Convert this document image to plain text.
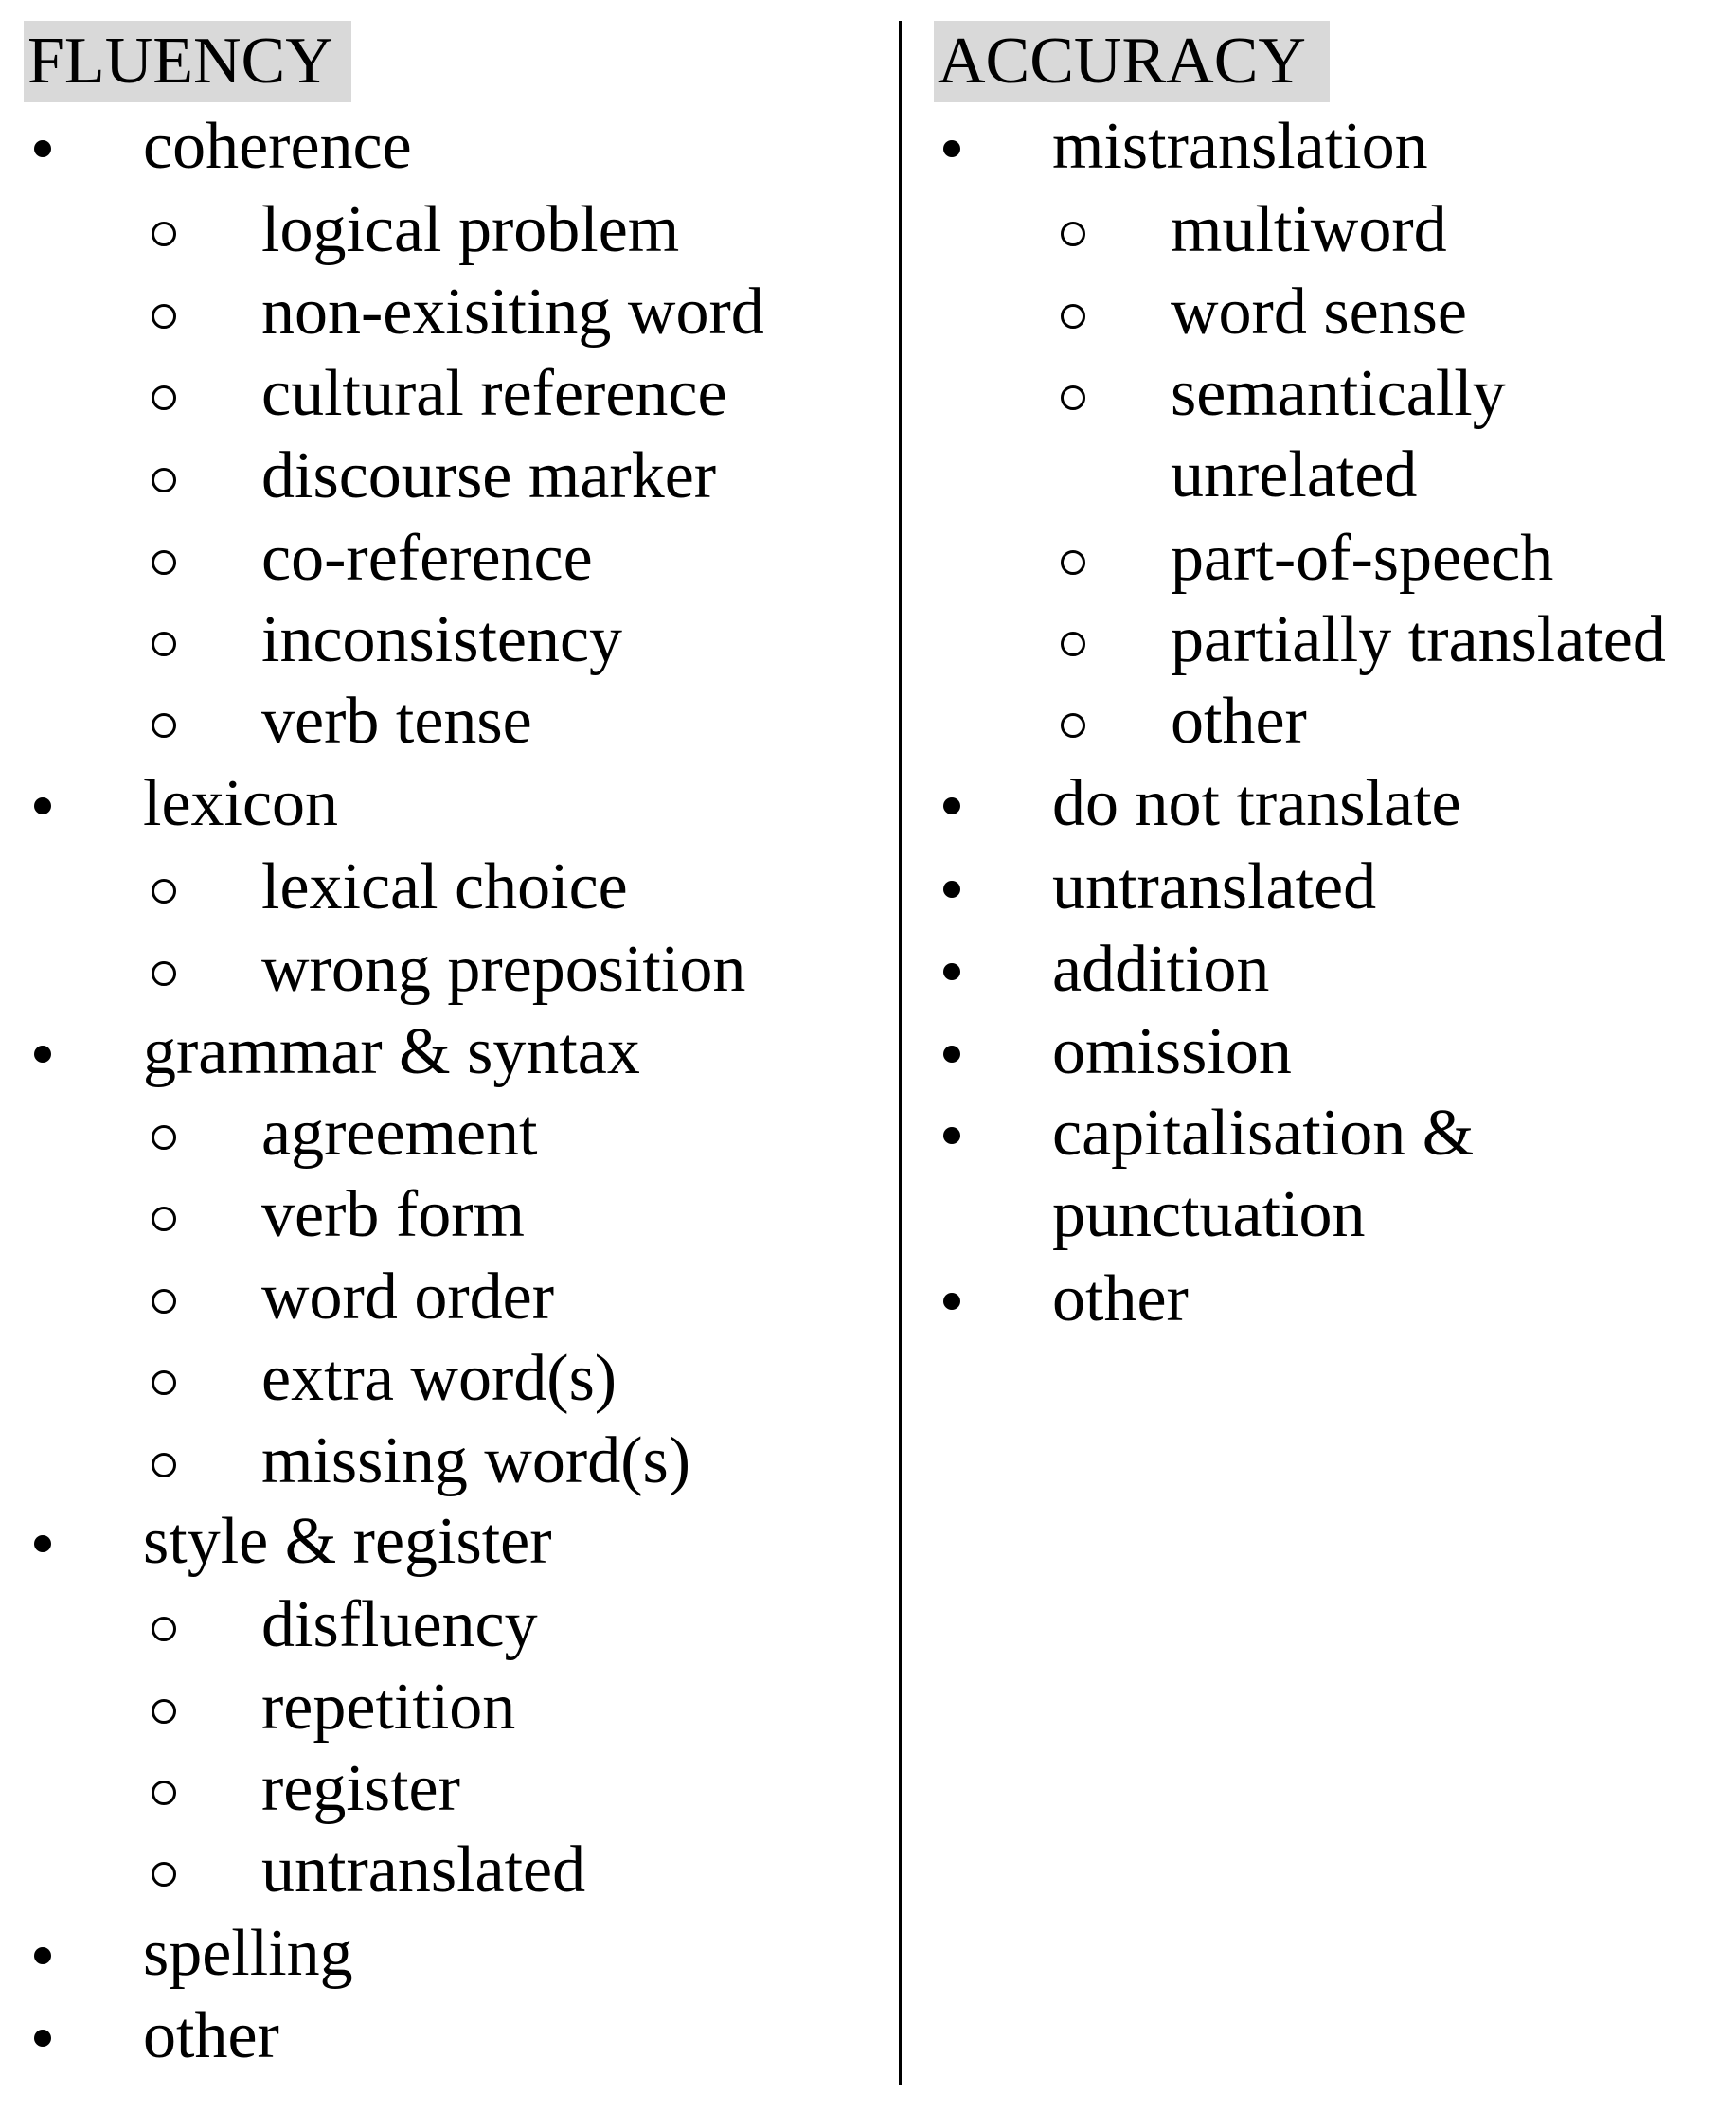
FLUENCY
coherence
logical problem
non-exisiting word
cultural reference
discourse marker
co-reference
inconsistency
verb tense
lexicon
lexical choice
wrong preposition
grammar & syntax
agreement
verb form
word order
extra word(s)
missing word(s)
style & register
disfluency
repetition
register
untranslated
spelling
other
ACCURACY
mistranslation
multiword
word sense
semantically unrelated
part-of-speech
partially translated
other
do not translate
untranslated
addition
omission
capitalisation & punctuation
other
